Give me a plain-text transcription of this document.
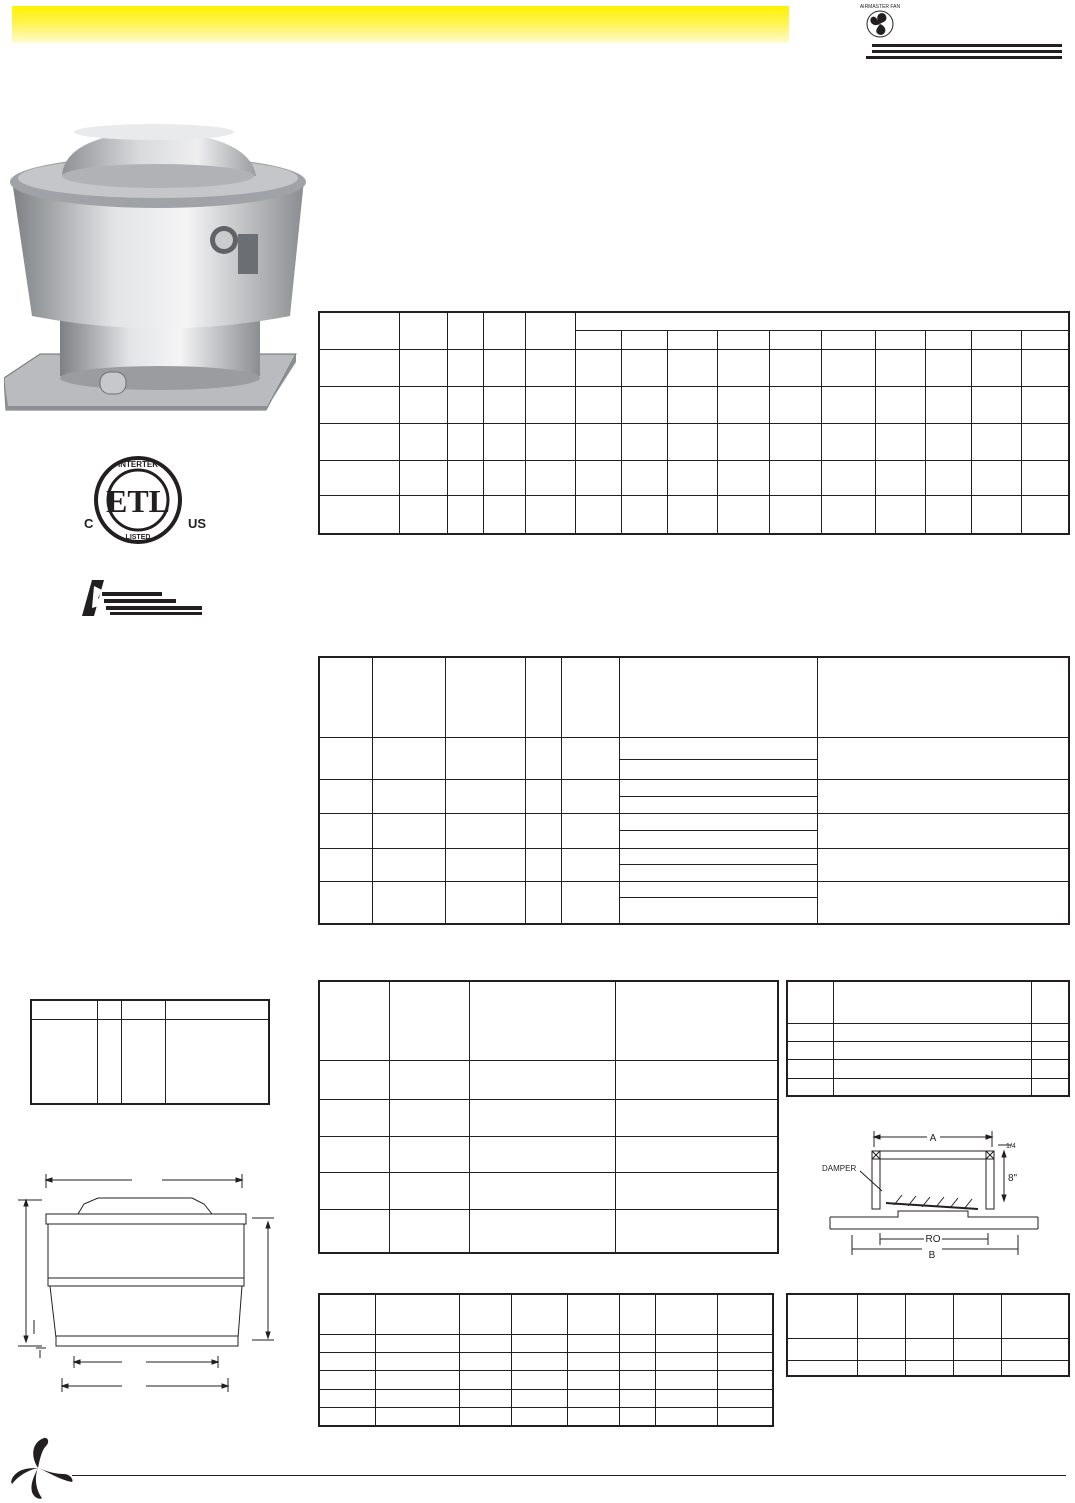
AIRMASTER FAN
INTERTEK
ETL
LISTED
C	US

A
DAMPER
1/4
8"
RO
B
